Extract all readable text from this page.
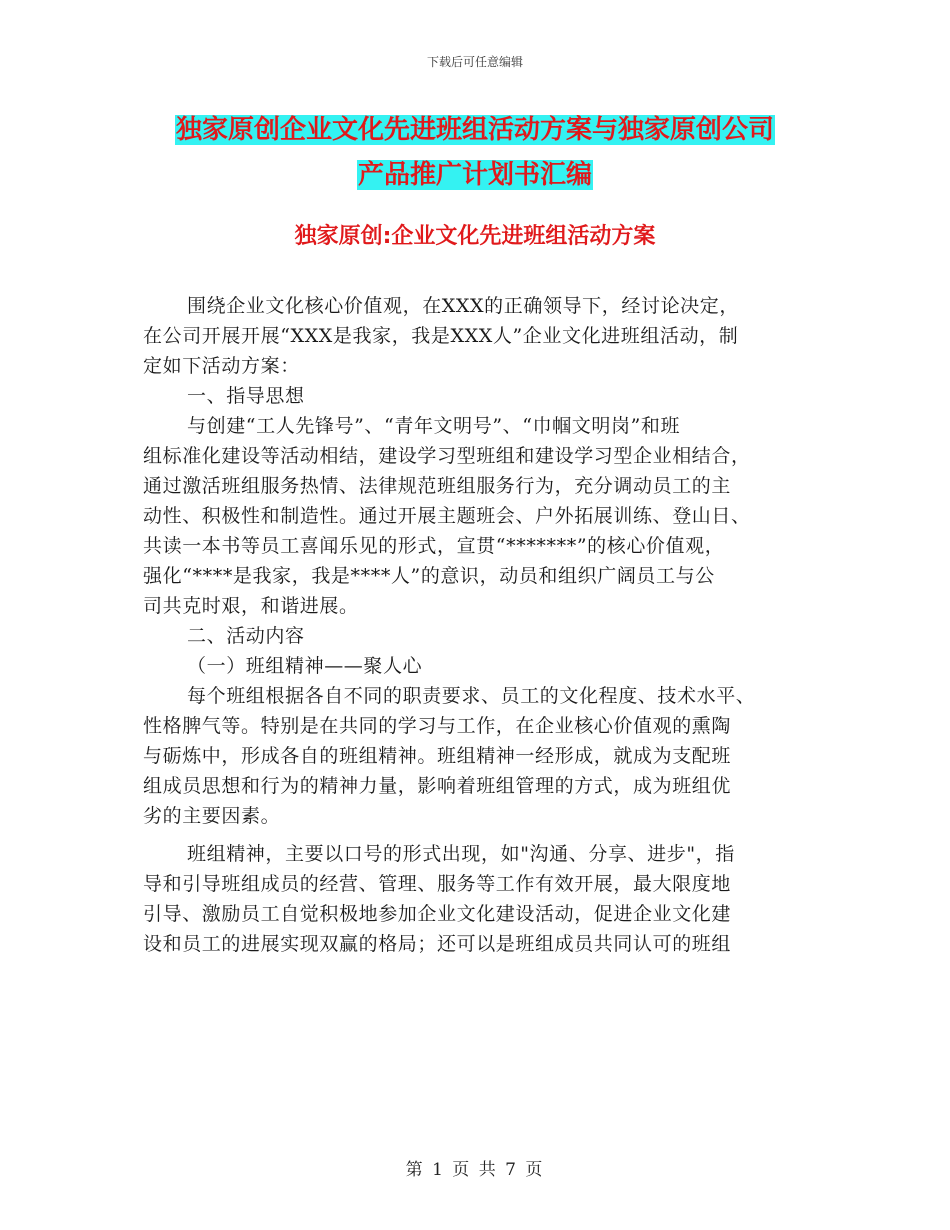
下载后可任意编辑
独家原创企业文化先进班组活动方案与独家原创公司
产品推广计划书汇编
独家原创:企业文化先进班组活动方案
围绕企业文化核心价值观，在XXX的正确领导下，经讨论决定，
在公司开展开展“XXX是我家，我是XXX人”企业文化进班组活动，制
定如下活动方案：
一、指导思想
与创建“工人先锋号”、“青年文明号”、“巾帼文明岗”和班
组标准化建设等活动相结，建设学习型班组和建设学习型企业相结合，
通过激活班组服务热情、法律规范班组服务行为，充分调动员工的主
动性、积极性和制造性。通过开展主题班会、户外拓展训练、登山日、
共读一本书等员工喜闻乐见的形式，宣贯“*******”的核心价值观，
强化“****是我家，我是****人”的意识，动员和组织广阔员工与公
司共克时艰，和谐进展。
二、活动内容
（一）班组精神——聚人心
每个班组根据各自不同的职责要求、员工的文化程度、技术水平、
性格脾气等。特别是在共同的学习与工作，在企业核心价值观的熏陶
与砺炼中，形成各自的班组精神。班组精神一经形成，就成为支配班
组成员思想和行为的精神力量，影响着班组管理的方式，成为班组优
劣的主要因素。
班组精神，主要以口号的形式出现，如"沟通、分享、进步"，指
导和引导班组成员的经营、管理、服务等工作有效开展，最大限度地
引导、激励员工自觉积极地参加企业文化建设活动，促进企业文化建
设和员工的进展实现双赢的格局；还可以是班组成员共同认可的班组
第 1 页 共 7 页
